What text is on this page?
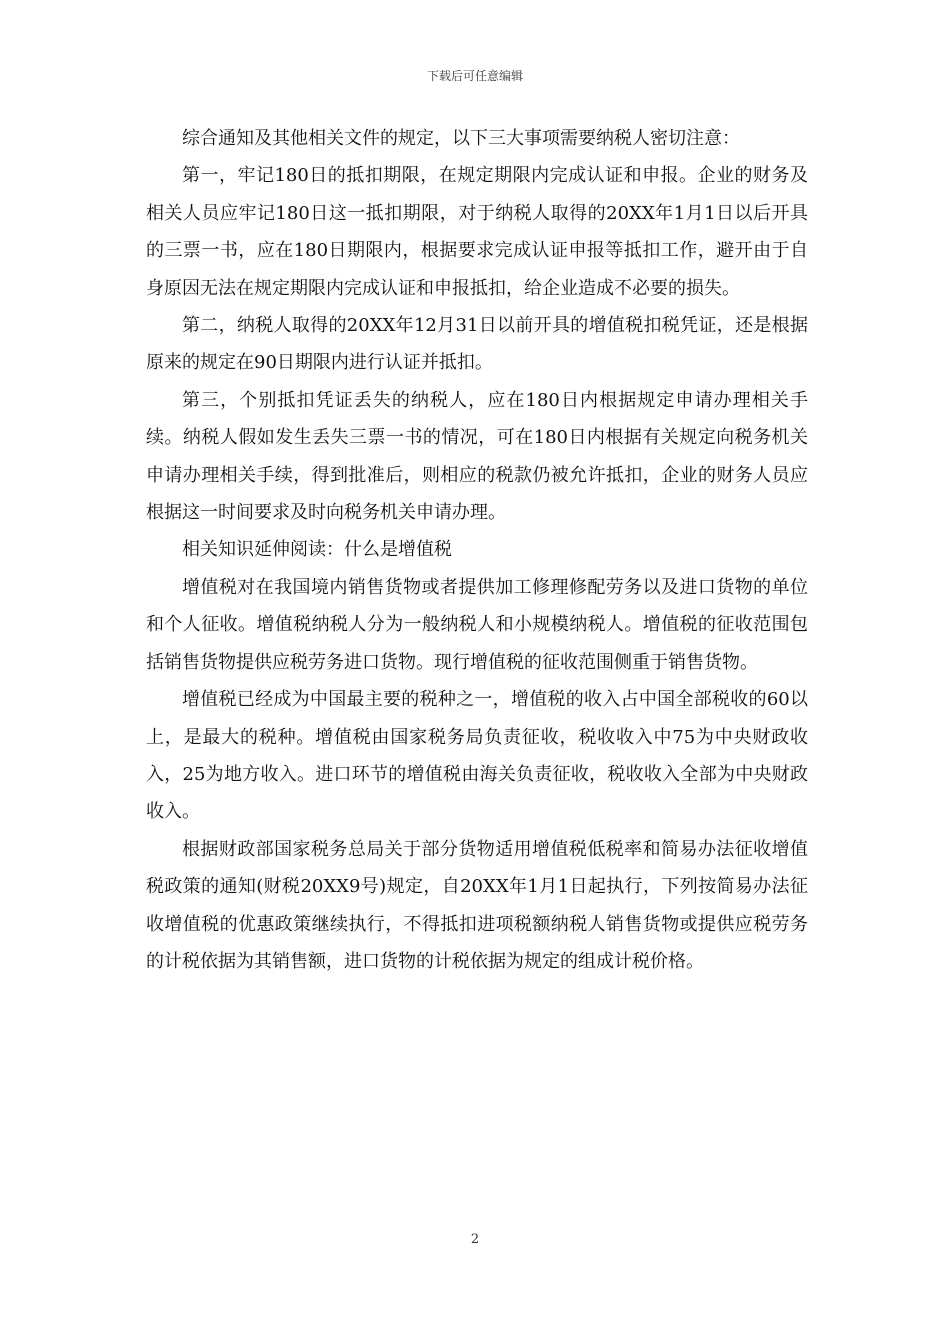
下载后可任意编辑

综合通知及其他相关文件的规定，以下三大事项需要纳税人密切注意：

第一，牢记180日的抵扣期限，在规定期限内完成认证和申报。企业的财务及相关人员应牢记180日这一抵扣期限，对于纳税人取得的20XX年1月1日以后开具的三票一书，应在180日期限内，根据要求完成认证申报等抵扣工作，避开由于自身原因无法在规定期限内完成认证和申报抵扣，给企业造成不必要的损失。

第二，纳税人取得的20XX年12月31日以前开具的增值税扣税凭证，还是根据原来的规定在90日期限内进行认证并抵扣。

第三，个别抵扣凭证丢失的纳税人，应在180日内根据规定申请办理相关手续。纳税人假如发生丢失三票一书的情况，可在180日内根据有关规定向税务机关申请办理相关手续，得到批准后，则相应的税款仍被允许抵扣，企业的财务人员应根据这一时间要求及时向税务机关申请办理。

相关知识延伸阅读：什么是增值税

增值税对在我国境内销售货物或者提供加工修理修配劳务以及进口货物的单位和个人征收。增值税纳税人分为一般纳税人和小规模纳税人。增值税的征收范围包括销售货物提供应税劳务进口货物。现行增值税的征收范围侧重于销售货物。

增值税已经成为中国最主要的税种之一，增值税的收入占中国全部税收的60以上，是最大的税种。增值税由国家税务局负责征收，税收收入中75为中央财政收入，25为地方收入。进口环节的增值税由海关负责征收，税收收入全部为中央财政收入。

根据财政部国家税务总局关于部分货物适用增值税低税率和简易办法征收增值税政策的通知(财税20XX9号)规定，自20XX年1月1日起执行，下列按简易办法征收增值税的优惠政策继续执行，不得抵扣进项税额纳税人销售货物或提供应税劳务的计税依据为其销售额，进口货物的计税依据为规定的组成计税价格。

2
